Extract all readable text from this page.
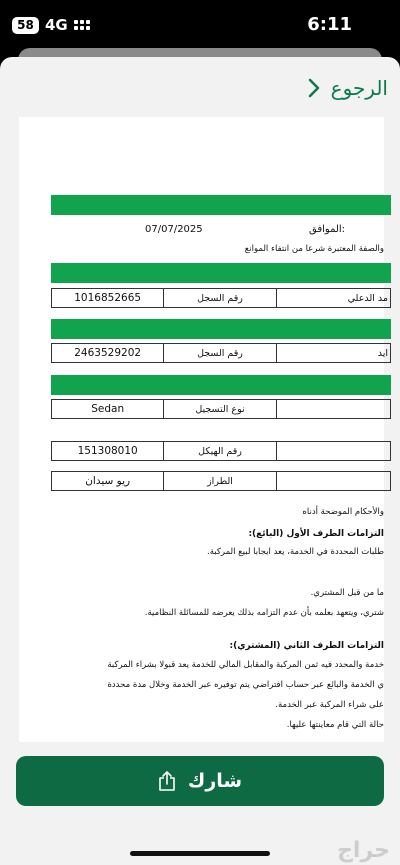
58 4G	6:11
الرجوع
07/07/2025	الموافق:
والصفة المعتبرة شرعا من انتفاء الموانع
1016852665	رقم السجل	مد الدعلي
2463529202	رقم السجل	ايد
Sedan	نوع التسجيل
151308010	رقم الهيكل
ريو سيدان	الطراز
والأحكام الموضحة أدناه
التزامات الطرف الأول (البائع):
طلبات المحددة في الخدمة، يعد ايجابا لبيع المركبة.
ما من قبل المشتري.
شتري، ويتعهد بعلمه بأن عدم التزامه بذلك يعرضه للمسائلة النظامية.
التزامات الطرف الثاني (المشتري):
خدمة والمحدد فيه ثمن المركبة والمقابل المالي للخدمة يعد قبولا بشراء المركبة
ي الخدمة والبائع عبر حساب افتراضي يتم توفيره عبر الخدمة وخلال مدة محددة
على شراء المركبة عبر الخدمة.
حالة التي قام معاينتها عليها.
شارك
حراج
